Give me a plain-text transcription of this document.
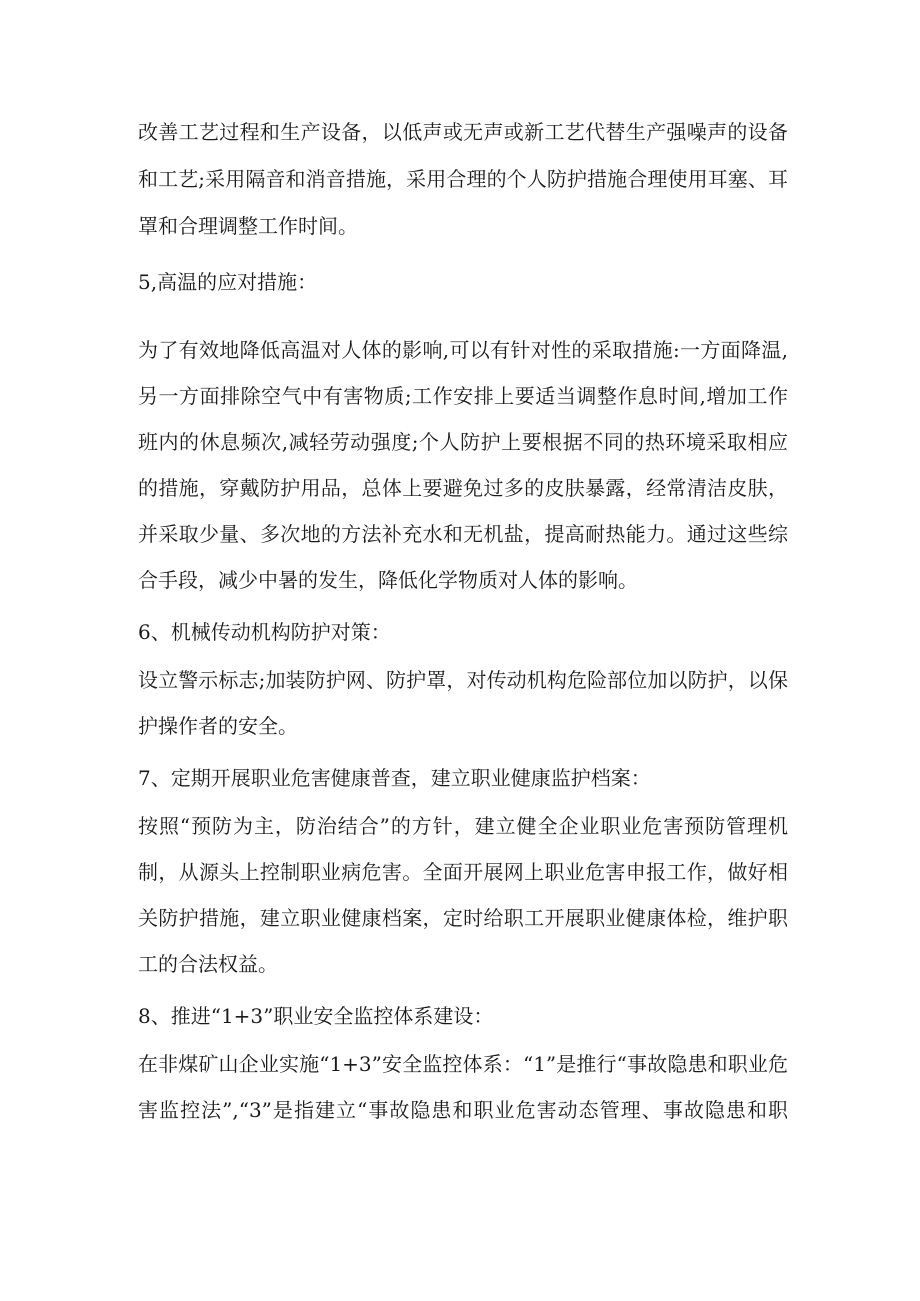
改善工艺过程和生产设备，以低声或无声或新工艺代替生产强噪声的设备
和工艺;采用隔音和消音措施，采用合理的个人防护措施合理使用耳塞、耳
罩和合理调整工作时间。
5,高温的应对措施：
为了有效地降低高温对人体的影响,可以有针对性的采取措施:一方面降温,
另一方面排除空气中有害物质;工作安排上要适当调整作息时间,增加工作
班内的休息频次,减轻劳动强度;个人防护上要根据不同的热环境采取相应
的措施，穿戴防护用品，总体上要避免过多的皮肤暴露，经常清洁皮肤，
并采取少量、多次地的方法补充水和无机盐，提高耐热能力。通过这些综
合手段，减少中暑的发生，降低化学物质对人体的影响。
6、机械传动机构防护对策：
设立警示标志;加装防护网、防护罩，对传动机构危险部位加以防护，以保
护操作者的安全。
7、定期开展职业危害健康普查，建立职业健康监护档案：
按照“预防为主，防治结合”的方针，建立健全企业职业危害预防管理机
制，从源头上控制职业病危害。全面开展网上职业危害申报工作，做好相
关防护措施，建立职业健康档案，定时给职工开展职业健康体检，维护职
工的合法权益。
8、推进“1+3”职业安全监控体系建设：
在非煤矿山企业实施“1+3”安全监控体系：“1”是推行“事故隐患和职业危
害监控法”,“3”是指建立“事故隐患和职业危害动态管理、事故隐患和职
